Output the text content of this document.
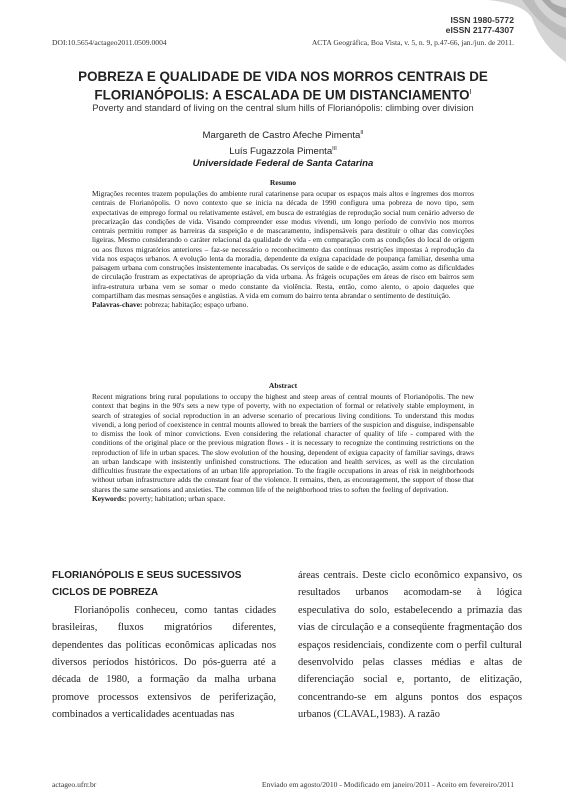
ISSN 1980-5772
eISSN 2177-4307
DOI:10.5654/actageo2011.0509.0004	ACTA Geográfica, Boa Vista, v. 5, n. 9, p.47-66, jan./jun. de 2011.
POBREZA E QUALIDADE DE VIDA NOS MORROS CENTRAIS DE
FLORIANÓPOLIS: A ESCALADA DE UM $DISTANCIAMENTO^I$
Poverty and standard of living on the central slum hills of Florianópolis: climbing over division
Margareth de Castro Afeche Pimenta$^{II}$
Luís Fugazzola Pimenta$^{III}$
Universidade Federal de Santa Catarina
Resumo

Migrações recentes trazem populações do ambiente rural catarinense para ocupar os espaços mais altos e íngremes dos morros centrais de Florianópolis. O novo contexto que se inicia na década de 1990 configura uma pobreza de novo tipo, sem expectativas de emprego formal ou relativamente estável, em busca de estratégias de reprodução social num cenário adverso de precarização das condições de vida. Visando compreender esse modus vivendi, um longo período de convívio nos morros centrais permitiu romper as barreiras da suspeição e de mascaramento, indispensáveis para destituir o olhar das convicções ligeiras. Mesmo considerando o caráter relacional da qualidade de vida - em comparação com as condições do local de origem ou aos fluxos migratórios anteriores – faz-se necessário o reconhecimento das contínuas restrições impostas à reprodução da vida nos espaços urbanos. A evolução lenta da moradia, dependente da exígua capacidade de poupança familiar, desenha uma paisagem urbana com construções insistentemente inacabadas. Os serviços de saúde e de educação, assim como as dificuldades de circulação frustram as expectativas de apropriação da vida urbana. Às frágeis ocupações em áreas de risco em bairros sem infra-estrutura urbana vem se somar o medo constante da violência. Resta, então, como alento, o apoio daqueles que compartilham das mesmas sensações e angústias. A vida em comum do bairro tenta abrandar o sentimento de destituição.

Palavras-chave: pobreza; habitação; espaço urbano.

Abstract

Recent migrations bring rural populations to occupy the highest and steep areas of central mounts of Florianópolis. The new context that begins in the 90's sets a new type of poverty, with no expectation of formal or relatively stable employment, in search of strategies of social reproduction in an adverse scenario of precarious living conditions. To understand this modus vivendi, a long period of coexistence in central mounts allowed to break the barriers of the suspicion and disguise, indispensable to dismiss the look of minor convictions. Even considering the relational character of quality of life - compared with the conditions of the original place or the previous migration flows - it is necessary to recognize the continuing restrictions on the reproduction of life in urban spaces. The slow evolution of the housing, dependent of exígua capacity of familiar savings, draws an urban landscape with insistently unfinished constructions. The education and health services, as well as the circulation difficulties frustrate the expectations of an urban life appropriation. To the fragile occupations in areas of risk in neighborhoods without urban infrastructure adds the constant fear of the violence. It remains, then, as encouragement, the support of those that shares the same sensations and anxieties. The common life of the neighborhood tries to soften the feeling of deprivation.

Keywords: poverty; habitation; urban space.

FLORIANÓPOLIS E SEUS SUCESSIVOS
CICLOS DE POBREZA

Florianópolis conheceu, como tantas cidades brasileiras, fluxos migratórios diferentes, dependentes das políticas econômicas aplicadas nos diversos períodos históricos. Do pós-guerra até a década de 1980, a formação da malha urbana promove processos extensivos de periferização, combinados a verticalidades acentuadas nas

áreas centrais. Deste ciclo econômico expansivo, os resultados urbanos acomodam-se à lógica especulativa do solo, estabelecendo a primazia das vias de circulação e a conseqüente fragmentação dos espaços residenciais, condizente com o perfil cultural desenvolvido pelas classes médias e altas de diferenciação social e, portanto, de elitização, concentrando-se em alguns pontos dos espaços urbanos (CLAVAL,1983). A razão

actageo.ufrr.br	Enviado em agosto/2010 - Modificado em janeiro/2011 - Aceito em fevereiro/2011
